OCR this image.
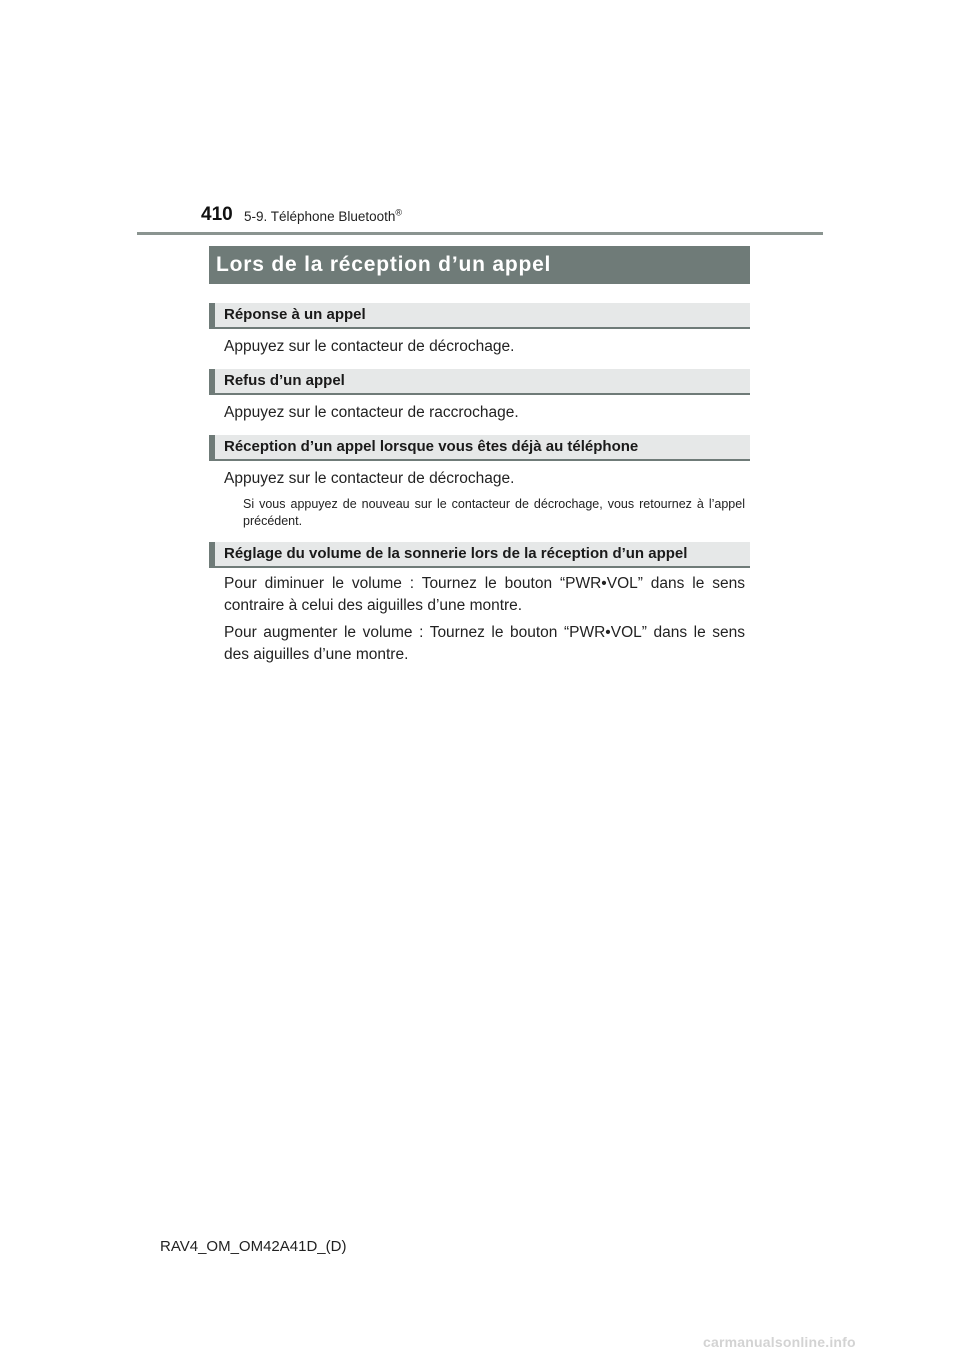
410 5-9. Téléphone Bluetooth®
Lors de la réception d’un appel
Réponse à un appel
Appuyez sur le contacteur de décrochage.
Refus d’un appel
Appuyez sur le contacteur de raccrochage.
Réception d’un appel lorsque vous êtes déjà au téléphone
Appuyez sur le contacteur de décrochage.
Si vous appuyez de nouveau sur le contacteur de décrochage, vous retournez à l’appel précédent.
Réglage du volume de la sonnerie lors de la réception d’un appel
Pour diminuer le volume : Tournez le bouton “PWR•VOL” dans le sens contraire à celui des aiguilles d’une montre.
Pour augmenter le volume : Tournez le bouton “PWR•VOL” dans le sens des aiguilles d’une montre.
RAV4_OM_OM42A41D_(D)
carmanualsonline.info
